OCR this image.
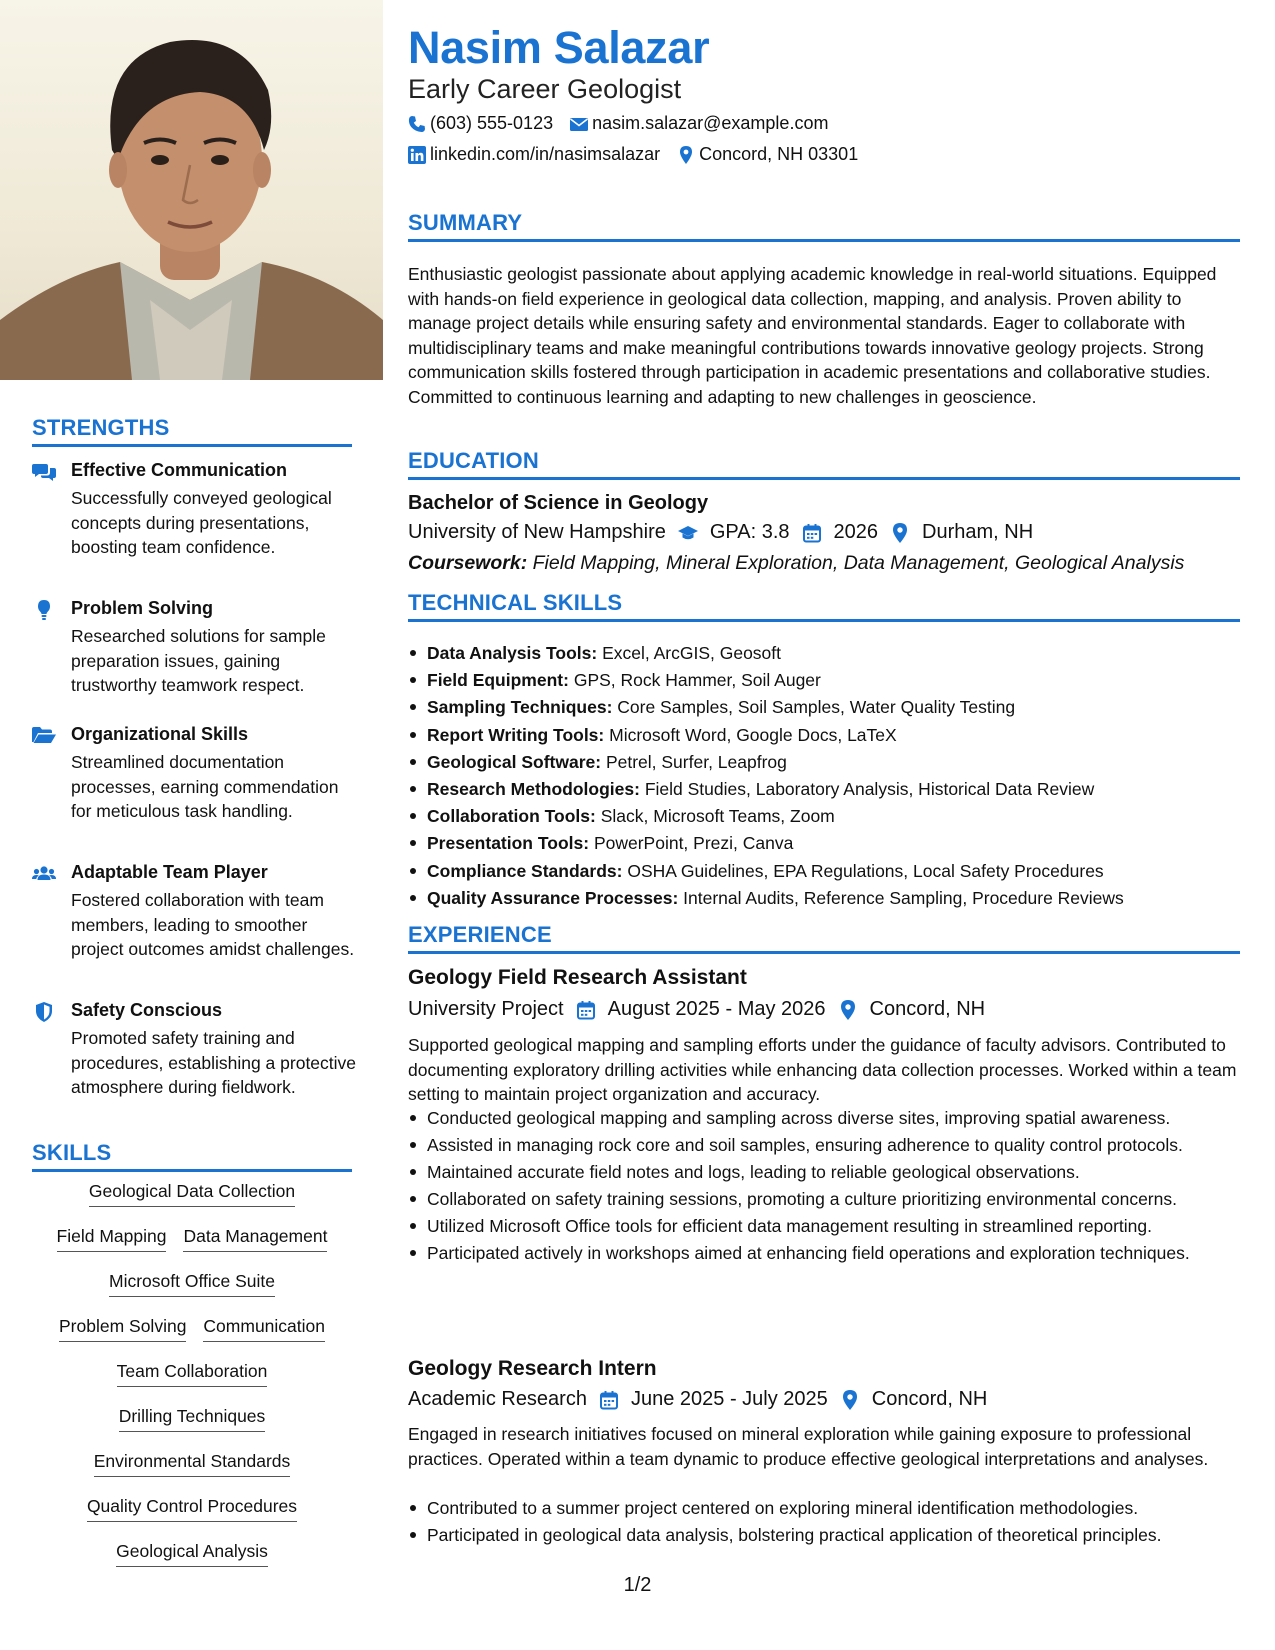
STRENGTHS
Effective Communication
Successfully conveyed geological concepts during presentations, boosting team confidence.
Problem Solving
Researched solutions for sample preparation issues, gaining trustworthy teamwork respect.
Organizational Skills
Streamlined documentation processes, earning commendation for meticulous task handling.
Adaptable Team Player
Fostered collaboration with team members, leading to smoother project outcomes amidst challenges.
Safety Conscious
Promoted safety training and procedures, establishing a protective atmosphere during fieldwork.
SKILLS
Geological Data Collection
Field Mapping Data Management
Microsoft Office Suite
Problem Solving Communication
Team Collaboration
Drilling Techniques
Environmental Standards
Quality Control Procedures
Geological Analysis
Nasim Salazar
Early Career Geologist
(603) 555-0123 nasim.salazar@example.com
linkedin.com/in/nasimsalazar Concord, NH 03301
SUMMARY
Enthusiastic geologist passionate about applying academic knowledge in real-world situations. Equipped with hands-on field experience in geological data collection, mapping, and analysis. Proven ability to manage project details while ensuring safety and environmental standards. Eager to collaborate with multidisciplinary teams and make meaningful contributions towards innovative geology projects. Strong communication skills fostered through participation in academic presentations and collaborative studies. Committed to continuous learning and adapting to new challenges in geoscience.
EDUCATION
Bachelor of Science in Geology
University of New Hampshire GPA: 3.8 2026 Durham, NH
Coursework: Field Mapping, Mineral Exploration, Data Management, Geological Analysis
TECHNICAL SKILLS
Data Analysis Tools: Excel, ArcGIS, Geosoft
Field Equipment: GPS, Rock Hammer, Soil Auger
Sampling Techniques: Core Samples, Soil Samples, Water Quality Testing
Report Writing Tools: Microsoft Word, Google Docs, LaTeX
Geological Software: Petrel, Surfer, Leapfrog
Research Methodologies: Field Studies, Laboratory Analysis, Historical Data Review
Collaboration Tools: Slack, Microsoft Teams, Zoom
Presentation Tools: PowerPoint, Prezi, Canva
Compliance Standards: OSHA Guidelines, EPA Regulations, Local Safety Procedures
Quality Assurance Processes: Internal Audits, Reference Sampling, Procedure Reviews
EXPERIENCE
Geology Field Research Assistant
University Project August 2025 - May 2026 Concord, NH
Supported geological mapping and sampling efforts under the guidance of faculty advisors. Contributed to documenting exploratory drilling activities while enhancing data collection processes. Worked within a team setting to maintain project organization and accuracy.
Conducted geological mapping and sampling across diverse sites, improving spatial awareness.
Assisted in managing rock core and soil samples, ensuring adherence to quality control protocols.
Maintained accurate field notes and logs, leading to reliable geological observations.
Collaborated on safety training sessions, promoting a culture prioritizing environmental concerns.
Utilized Microsoft Office tools for efficient data management resulting in streamlined reporting.
Participated actively in workshops aimed at enhancing field operations and exploration techniques.
Geology Research Intern
Academic Research June 2025 - July 2025 Concord, NH
Engaged in research initiatives focused on mineral exploration while gaining exposure to professional practices. Operated within a team dynamic to produce effective geological interpretations and analyses.
Contributed to a summer project centered on exploring mineral identification methodologies.
Participated in geological data analysis, bolstering practical application of theoretical principles.
1/2
